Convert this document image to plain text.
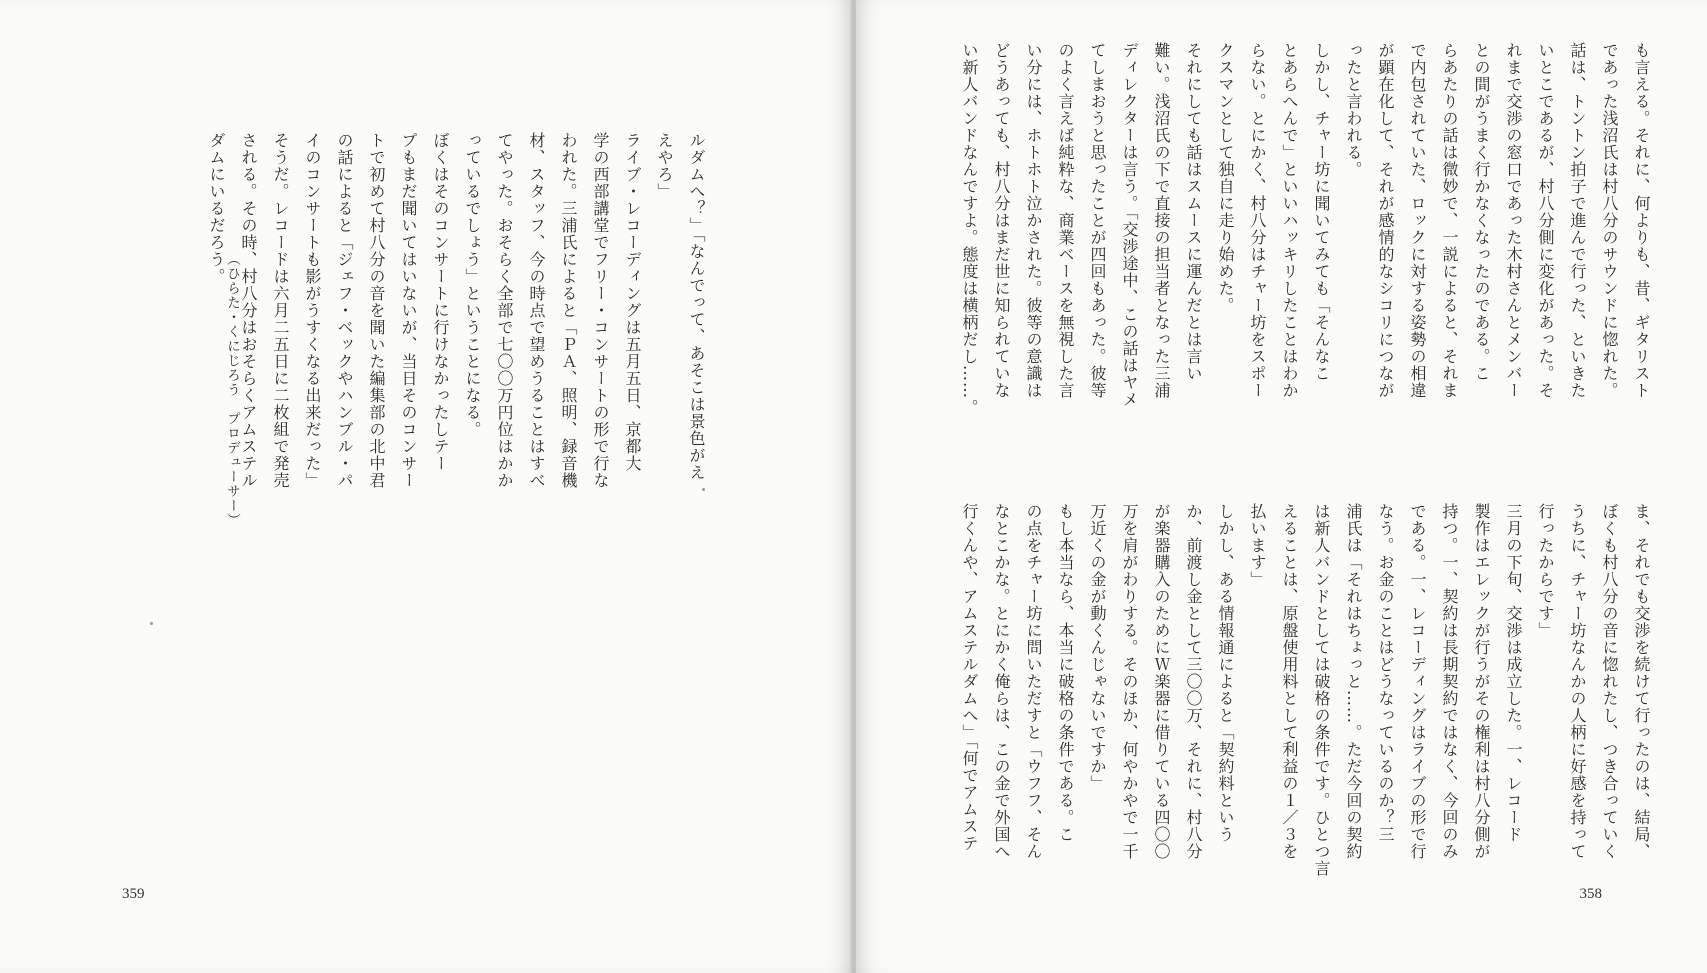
ルダムへ？」「なんでって、あそこは景色がえ

えやろ」

ライブ・レコーディングは五月五日、京都大

学の西部講堂でフリー・コンサートの形で行な

われた。三浦氏によると「ＰＡ、照明、録音機

材、スタッフ、今の時点で望めうることはすべ

てやった。おそらく全部で七〇〇万円位はかか

っているでしょう」ということになる。

ぼくはそのコンサートに行けなかったしテー

プもまだ聞いてはいないが、当日そのコンサー

トで初めて村八分の音を聞いた編集部の北中君

の話によると「ジェフ・ベックやハンブル・パ

イのコンサートも影がうすくなる出来だった」

そうだ。レコードは六月二五日に二枚組で発売

される。その時、村八分はおそらくアムステル

ダムにいるだろう。

（ひらた・くにじろう　プロデューサー）
359

も言える。それに、何よりも、昔、ギタリスト

であった浅沼氏は村八分のサウンドに惚れた。

話は、トントン拍子で進んで行った、といきた

いとこであるが、村八分側に変化があった。そ

れまで交渉の窓口であった木村さんとメンバー

との間がうまく行かなくなったのである。こ

らあたりの話は微妙で、一説によると、それま

で内包されていた、ロックに対する姿勢の相違

が顕在化して、それが感情的なシコリにつなが

ったと言われる。

しかし、チャー坊に聞いてみても「そんなこ

とあらへんで」といいハッキリしたことはわか

らない。とにかく、村八分はチャー坊をスポー

クスマンとして独自に走り始めた。

それにしても話はスムースに運んだとは言い

難い。浅沼氏の下で直接の担当者となった三浦

ディレクターは言う。「交渉途中、この話はヤメ

てしまおうと思ったことが四回もあった。彼等

のよく言えば純粋な、商業ベースを無視した言

い分には、ホトホト泣かされた。彼等の意識は

どうあっても、村八分はまだ世に知られていな

い新人バンドなんですよ。態度は横柄だし……。

ま、それでも交渉を続けて行ったのは、結局、

ぼくも村八分の音に惚れたし、つき合っていく

うちに、チャー坊なんかの人柄に好感を持って

行ったからです」

三月の下旬、交渉は成立した。一、レコード

製作はエレックが行うがその権利は村八分側が

持つ。一、契約は長期契約ではなく、今回のみ

である。一、レコーディングはライブの形で行

なう。お金のことはどうなっているのか？三

浦氏は「それはちょっと……。ただ今回の契約

は新人バンドとしては破格の条件です。ひとつ言

えることは、原盤使用料として利益の１／３を

払います」

しかし、ある情報通によると「契約料という

か、前渡し金として三〇〇万、それに、村八分

が楽器購入のためにＷ楽器に借りている四〇〇

万を肩がわりする。そのほか、何やかやで一千

万近くの金が動くんじゃないですか」

もし本当なら、本当に破格の条件である。こ

の点をチャー坊に問いただすと「ウフフ、そん

なとこかな。とにかく俺らは、この金で外国へ

行くんや、アムステルダムへ」「何でアムステ

358
